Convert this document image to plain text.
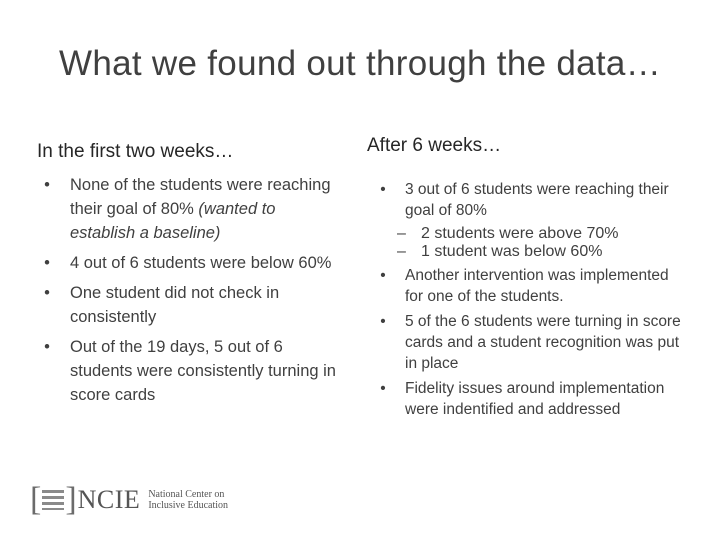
What we found out through the data…
In the first two weeks…
•	None of the students were reaching their goal of 80% (wanted to establish a baseline)
•	4 out of 6 students were below 60%
•	One student did not check in consistently
•	Out of the 19 days, 5 out of 6 students were consistently turning in score cards
After 6 weeks…
•	3 out of 6 students were reaching their goal of 80%
– 2 students were above 70%
– 1 student was below 60%
•	Another intervention was implemented for one of the students.
•	5 of the 6 students were turning in score cards and a student recognition was put in place
•	Fidelity issues around implementation were indentified and addressed
[ ] NCIE National Center on
Inclusive Education
